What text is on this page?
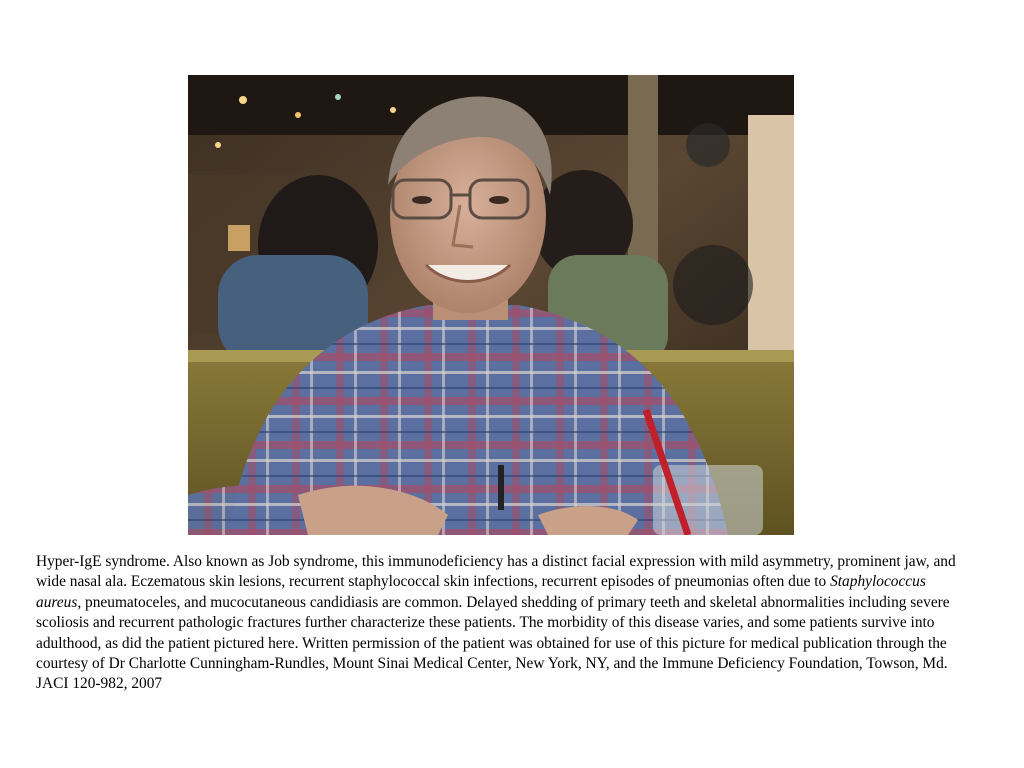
Hyper-IgE syndrome. Also known as Job syndrome, this immunodeficiency has a distinct facial expression with mild asymmetry, prominent jaw, and wide nasal ala. Eczematous skin lesions, recurrent staphylococcal skin infections, recurrent episodes of pneumonias often due to Staphylococcus aureus, pneumatoceles, and mucocutaneous candidiasis are common. Delayed shedding of primary teeth and skeletal abnormalities including severe scoliosis and recurrent pathologic fractures further characterize these patients. The morbidity of this disease varies, and some patients survive into adulthood, as did the patient pictured here. Written permission of the patient was obtained for use of this picture for medical publication through the courtesy of Dr Charlotte Cunningham-Rundles, Mount Sinai Medical Center, New York, NY, and the Immune Deficiency Foundation, Towson, Md. JACI 120-982, 2007
